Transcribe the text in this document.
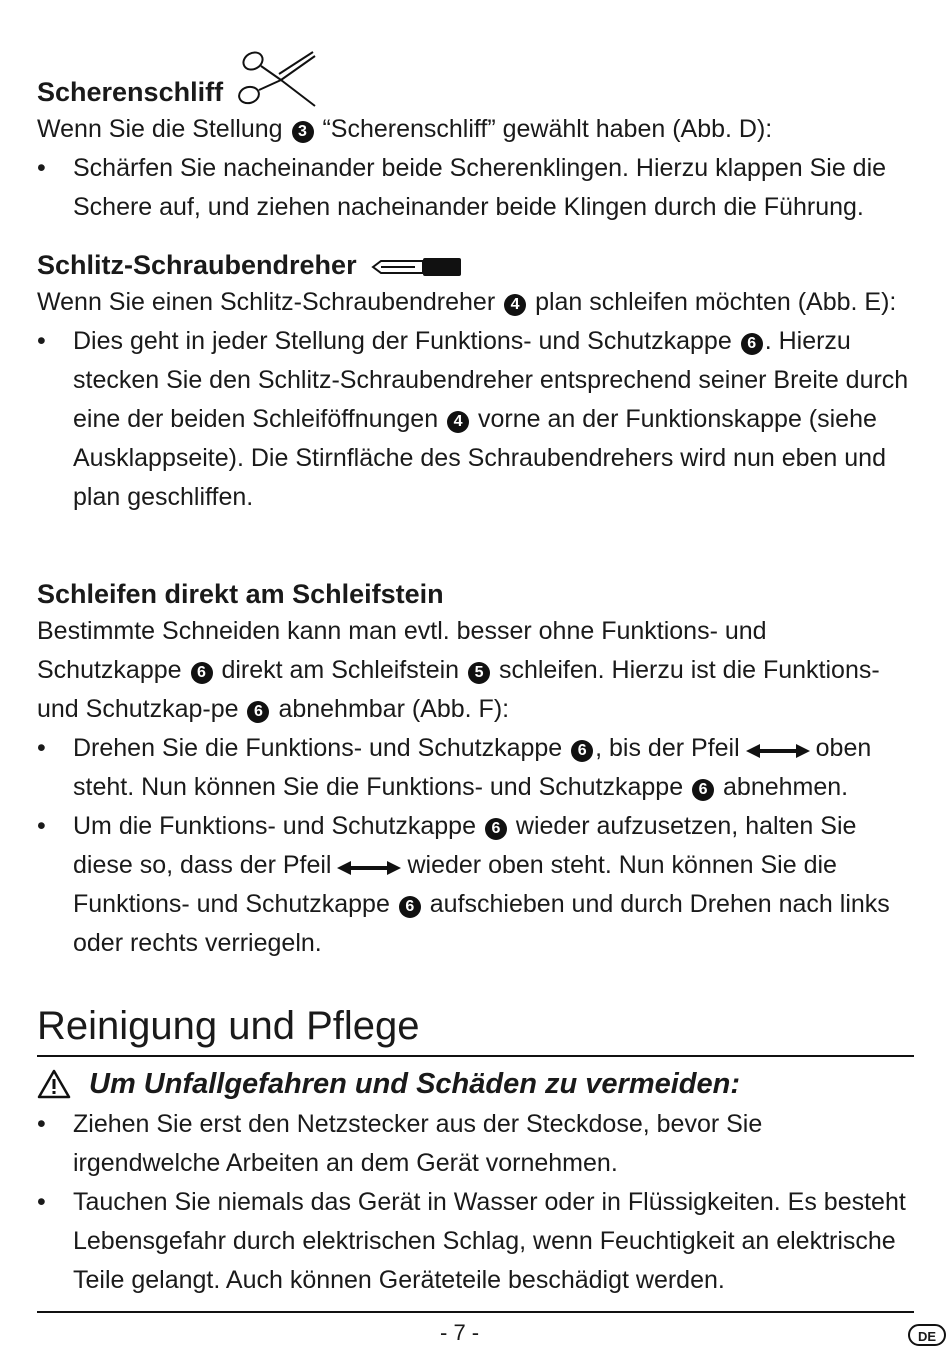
Scherenschliff

Wenn Sie die Stellung 3 “Scherenschliff” gewählt haben (Abb. D):

• Schärfen Sie nacheinander beide Scherenklingen. Hierzu klappen Sie die Schere auf, und ziehen nacheinander beide Klingen durch die Führung.
Schlitz-Schraubendreher

Wenn Sie einen Schlitz-Schraubendreher 4 plan schleifen möchten (Abb. E):

• Dies geht in jeder Stellung der Funktions- und Schutzkappe 6 . Hierzu stecken Sie den Schlitz-Schraubendreher entsprechend seiner Breite durch eine der beiden Schleiföffnungen 4 vorne an der Funktionskappe (siehe Ausklappseite). Die Stirnfläche des Schraubendrehers wird nun eben und plan geschliffen.
Schleifen direkt am Schleifstein

Bestimmte Schneiden kann man evtl. besser ohne Funktions- und Schutzkappe 6 direkt am Schleifstein 5 schleifen. Hierzu ist die Funktions- und Schutzkap-pe 6 abnehmbar (Abb. F):

• Drehen Sie die Funktions- und Schutzkappe 6 , bis der Pfeil	oben steht. Nun können Sie die Funktions- und Schutzkappe 6 abnehmen.
• Um die Funktions- und Schutzkappe 6 wieder aufzusetzen, halten Sie diese so, dass der Pfeil	wieder oben steht. Nun können Sie die Funktions- und Schutzkappe 6 aufschieben und durch Drehen nach links oder rechts verriegeln.
Reinigung und Pflege
Um Unfallgefahren und Schäden zu vermeiden:
• Ziehen Sie erst den Netzstecker aus der Steckdose, bevor Sie irgendwelche Arbeiten an dem Gerät vornehmen.
• Tauchen Sie niemals das Gerät in Wasser oder in Flüssigkeiten. Es besteht Lebensgefahr durch elektrischen Schlag, wenn Feuchtigkeit an elektrische Teile gelangt. Auch können Geräteteile beschädigt werden.
- 7 -	DE
